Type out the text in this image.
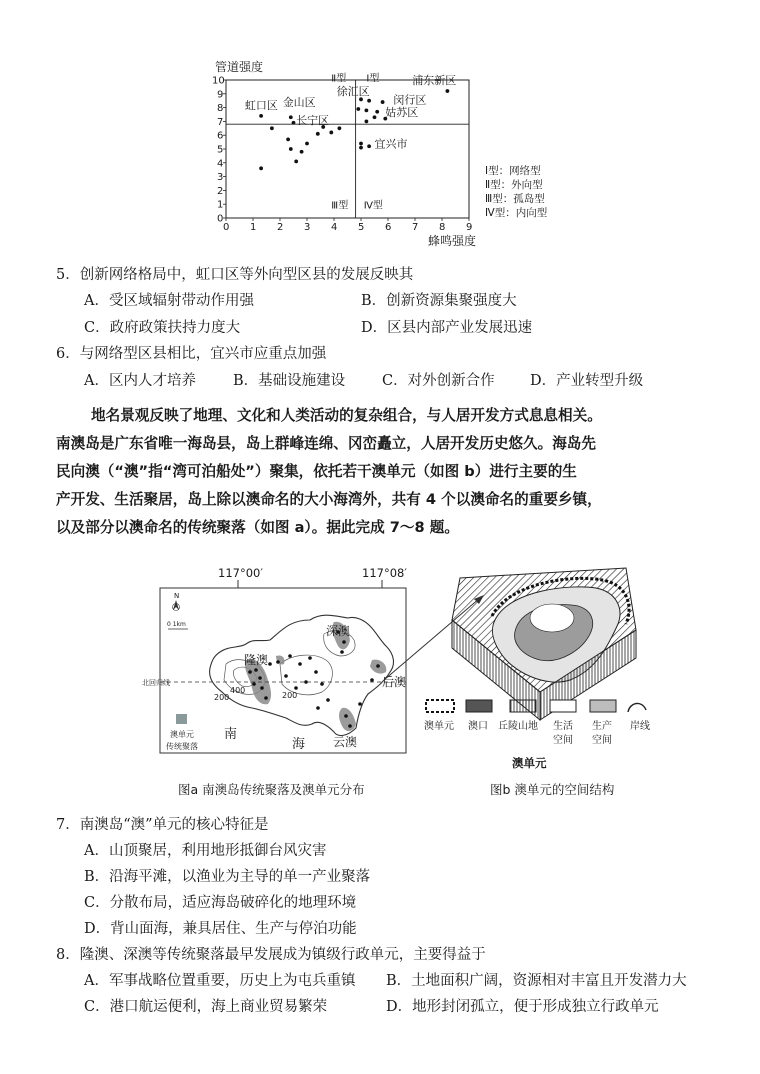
管道强度
0 1 2 3 4 5 6 7 8 9
0
1
2
3
4
5
6
7
8
9
10	Ⅱ型 Ⅰ型
Ⅲ型 Ⅳ型
浦东新区
徐汇区
闵行区
姑苏区
宜兴市
虹口区 金山区
长宁区
蜂鸣强度
Ⅰ型：网络型
Ⅱ型：外向型
Ⅲ型：孤岛型
Ⅳ型：内向型
5．创新网络格局中，虹口区等外向型区县的发展反映其
A．受区域辐射带动作用强	B．创新资源集聚强度大
C．政府政策扶持力度大	D．区县内部产业发展迅速
6．与网络型区县相比，宜兴市应重点加强
A．区内人才培养	B．基础设施建设	C．对外创新合作 D．产业转型升级
地名景观反映了地理、文化和人类活动的复杂组合，与人居开发方式息息相关。
南澳岛是广东省唯一海岛县，岛上群峰连绵、冈峦矗立，人居开发历史悠久。海岛先
民向澳（“澳”指“湾可泊船处”）聚集，依托若干澳单元（如图 b）进行主要的生
产开发、生活聚居，岛上除以澳命名的大小海湾外，共有 4 个以澳命名的重要乡镇，
以及部分以澳命名的传统聚落（如图 a）。据此完成 7～8 题。
117°00′	117°08′
N
0 1km
北回归线
200
400
200
隆澳
深澳
后澳
云澳
南
海
澳单元
传统聚落
图a 南澳岛传统聚落及澳单元分布
澳单元 澳口 丘陵山地 生活
空间
生产
空间
岸线
澳单元
图b 澳单元的空间结构
7．南澳岛“澳”单元的核心特征是
A．山顶聚居，利用地形抵御台风灾害
B．沿海平滩，以渔业为主导的单一产业聚落
C．分散布局，适应海岛破碎化的地理环境
D．背山面海，兼具居住、生产与停泊功能
8．隆澳、深澳等传统聚落最早发展成为镇级行政单元，主要得益于
A．军事战略位置重要，历史上为屯兵重镇 B．土地面积广阔，资源相对丰富且开发潜力大
C．港口航运便利，海上商业贸易繁荣	D．地形封闭孤立，便于形成独立行政单元
